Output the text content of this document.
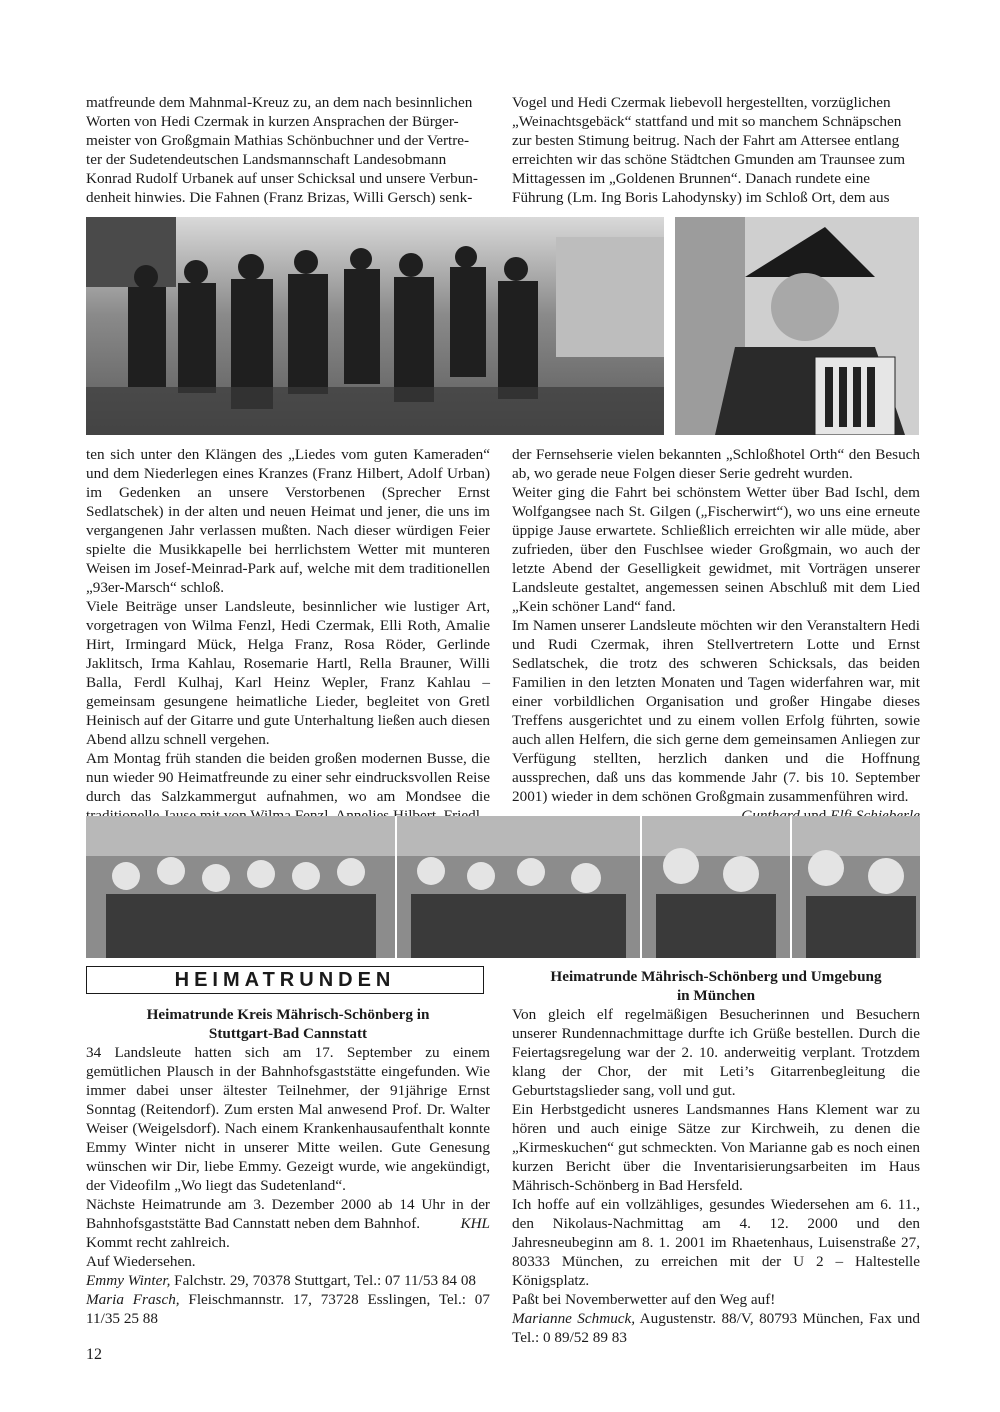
matfreunde dem Mahnmal-Kreuz zu, an dem nach besinnlichen
Worten von Hedi Czermak in kurzen Ansprachen der Bürger-
meister von Großgmain Mathias Schönbuchner und der Vertre-
ter der Sudetendeutschen Landsmannschaft Landesobmann
Konrad Rudolf Urbanek auf unser Schicksal und unsere Verbun-
denheit hinwies. Die Fahnen (Franz Brizas, Willi Gersch) senk-
Vogel und Hedi Czermak liebevoll hergestellten, vorzüglichen
„Weinachtsgebäck“ stattfand und mit so manchem Schnäpschen
zur besten Stimung beitrug. Nach der Fahrt am Attersee entlang
erreichten wir das schöne Städtchen Gmunden am Traunsee zum
Mittagessen im „Goldenen Brunnen“. Danach rundete eine
Führung (Lm. Ing Boris Lahodynsky) im Schloß Ort, dem aus

ten sich unter den Klängen des „Liedes vom guten Kameraden“ und dem Niederlegen eines Kranzes (Franz Hilbert, Adolf Urban) im Gedenken an unsere Verstorbenen (Sprecher Ernst Sedlatschek) in der alten und neuen Heimat und jener, die uns im vergangenen Jahr verlassen mußten. Nach dieser würdigen Feier spielte die Musikkapelle bei herrlichstem Wetter mit munteren Weisen im Josef-Meinrad-Park auf, welche mit dem traditionellen „93er-Marsch“ schloß.

Viele Beiträge unser Landsleute, besinnlicher wie lustiger Art, vorgetragen von Wilma Fenzl, Hedi Czermak, Elli Roth, Amalie Hirt, Irmingard Mück, Helga Franz, Rosa Röder, Gerlinde Jaklitsch, Irma Kahlau, Rosemarie Hartl, Rella Brauner, Willi Balla, Ferdl Kulhaj, Karl Heinz Wepler, Franz Kahlau – gemeinsam gesungene heimatliche Lieder, begleitet von Gretl Heinisch auf der Gitarre und gute Unterhaltung ließen auch diesen Abend allzu schnell vergehen.

Am Montag früh standen die beiden großen modernen Busse, die nun wieder 90 Heimatfreunde zu einer sehr eindrucksvollen Reise durch das Salzkammergut aufnahmen, wo am Mondsee die

der Fernsehserie vielen bekannten „Schloßhotel Orth“ den Besuch ab, wo gerade neue Folgen dieser Serie gedreht wurden.

Weiter ging die Fahrt bei schönstem Wetter über Bad Ischl, dem Wolfgangsee nach St. Gilgen („Fischerwirt“), wo uns eine erneute üppige Jause erwartete. Schließlich erreichten wir alle müde, aber zufrieden, über den Fuschlsee wieder Großgmain, wo auch der letzte Abend der Geselligkeit gewidmet, mit Vorträgen unserer Landsleute gestaltet, angemessen seinen Abschluß mit dem Lied „Kein schöner Land“ fand.

Im Namen unserer Landsleute möchten wir den Veranstaltern Hedi und Rudi Czermak, ihren Stellvertretern Lotte und Ernst Sedlatschek, die trotz des schweren Schicksals, das beiden Familien in den letzten Monaten und Tagen widerfahren war, mit einer vorbildlichen Organisation und großer Hingabe dieses Treffens ausgerichtet und zu einem vollen Erfolg führten, sowie auch allen Helfern, die sich gerne dem gemeinsamen Anliegen zur Verfügung stellten, herzlich danken und die Hoffnung aussprechen, daß uns das kommende Jahr (7. bis 10. September 2001) wieder in dem schönen Großgmain zusammenführen wird.

HEIMATRUNDEN
Heimatrunde Kreis Mährisch-Schönberg in
Stuttgart-Bad Cannstatt

34 Landsleute hatten sich am 17. September zu einem gemütlichen Plausch in der Bahnhofsgaststätte eingefunden. Wie immer dabei unser ältester Teilnehmer, der 91jährige Ernst Sonntag (Reitendorf). Zum ersten Mal anwesend Prof. Dr. Walter Weiser (Weigelsdorf). Nach einem Krankenhausaufenthalt konnte Emmy Winter nicht in unserer Mitte weilen. Gute Genesung wünschen wir Dir, liebe Emmy. Gezeigt wurde, wie angekündigt, der Videofilm „Wo liegt das Sudetenland“.

Nächste Heimatrunde am 3. Dezember 2000 ab 14 Uhr in der Bahnhofsgaststätte Bad Cannstatt neben dem Bahnhof.	KHL

Kommt recht zahlreich.

Auf Wiedersehen.

Emmy Winter, Falchstr. 29, 70378 Stuttgart, Tel.: 07 11/53 84 08

Maria Frasch, Fleischmannstr. 17, 73728 Esslingen, Tel.: 07 11/35 25 88

Heimatrunde Mährisch-Schönberg und Umgebung
in München

Von gleich elf regelmäßigen Besucherinnen und Besuchern unserer Rundennachmittage durfte ich Grüße bestellen. Durch die Feiertagsregelung war der 2. 10. anderweitig verplant. Trotzdem klang der Chor, der mit Leti’s Gitarrenbegleitung die Geburtstagslieder sang, voll und gut.

Ein Herbstgedicht usneres Landsmannes Hans Klement war zu hören und auch einige Sätze zur Kirchweih, zu denen die „Kirmeskuchen“ gut schmeckten. Von Marianne gab es noch einen kurzen Bericht über die Inventarisierungsarbeiten im Haus Mährisch-Schönberg in Bad Hersfeld.

Ich hoffe auf ein vollzähliges, gesundes Wiedersehen am 6. 11., den Nikolaus-Nachmittag am 4. 12. 2000 und den Jahresneubeginn am 8. 1. 2001 im Rhaetenhaus, Luisenstraße 27, 80333 München, zu erreichen mit der U 2 – Haltestelle Königsplatz.

Paßt bei Novemberwetter auf den Weg auf!

Marianne Schmuck, Augustenstr. 88/V, 80793 München, Fax und Tel.: 0 89/52 89 83

12
